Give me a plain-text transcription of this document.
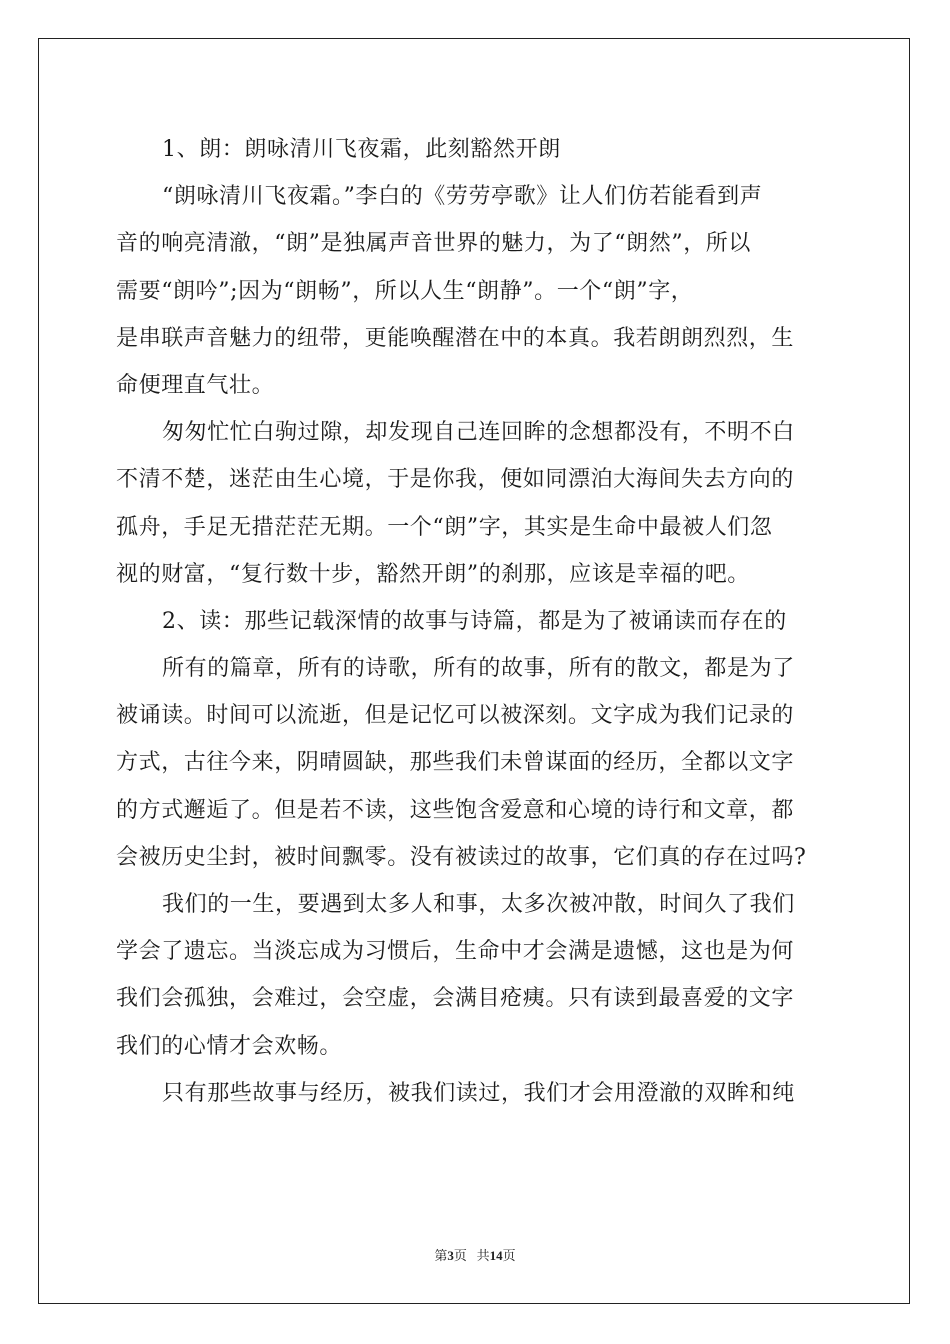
1、朗：朗咏清川飞夜霜，此刻豁然开朗
“朗咏清川飞夜霜。”李白的《劳劳亭歌》让人们仿若能看到声
音的响亮清澈，“朗”是独属声音世界的魅力，为了“朗然”，所以
需要“朗吟”;因为“朗畅”，所以人生“朗静”。一个“朗”字，
是串联声音魅力的纽带，更能唤醒潜在中的本真。我若朗朗烈烈，生
命便理直气壮。
匆匆忙忙白驹过隙，却发现自己连回眸的念想都没有，不明不白
不清不楚，迷茫由生心境，于是你我，便如同漂泊大海间失去方向的
孤舟，手足无措茫茫无期。一个“朗”字，其实是生命中最被人们忽
视的财富，“复行数十步，豁然开朗”的刹那，应该是幸福的吧。
2、读：那些记载深情的故事与诗篇，都是为了被诵读而存在的
所有的篇章，所有的诗歌，所有的故事，所有的散文，都是为了
被诵读。时间可以流逝，但是记忆可以被深刻。文字成为我们记录的
方式，古往今来，阴晴圆缺，那些我们未曾谋面的经历，全都以文字
的方式邂逅了。但是若不读，这些饱含爱意和心境的诗行和文章，都
会被历史尘封，被时间飘零。没有被读过的故事，它们真的存在过吗?
我们的一生，要遇到太多人和事，太多次被冲散，时间久了我们
学会了遗忘。当淡忘成为习惯后，生命中才会满是遗憾，这也是为何
我们会孤独，会难过，会空虚，会满目疮痍。只有读到最喜爱的文字
我们的心情才会欢畅。
只有那些故事与经历，被我们读过，我们才会用澄澈的双眸和纯
第3页   共14页
